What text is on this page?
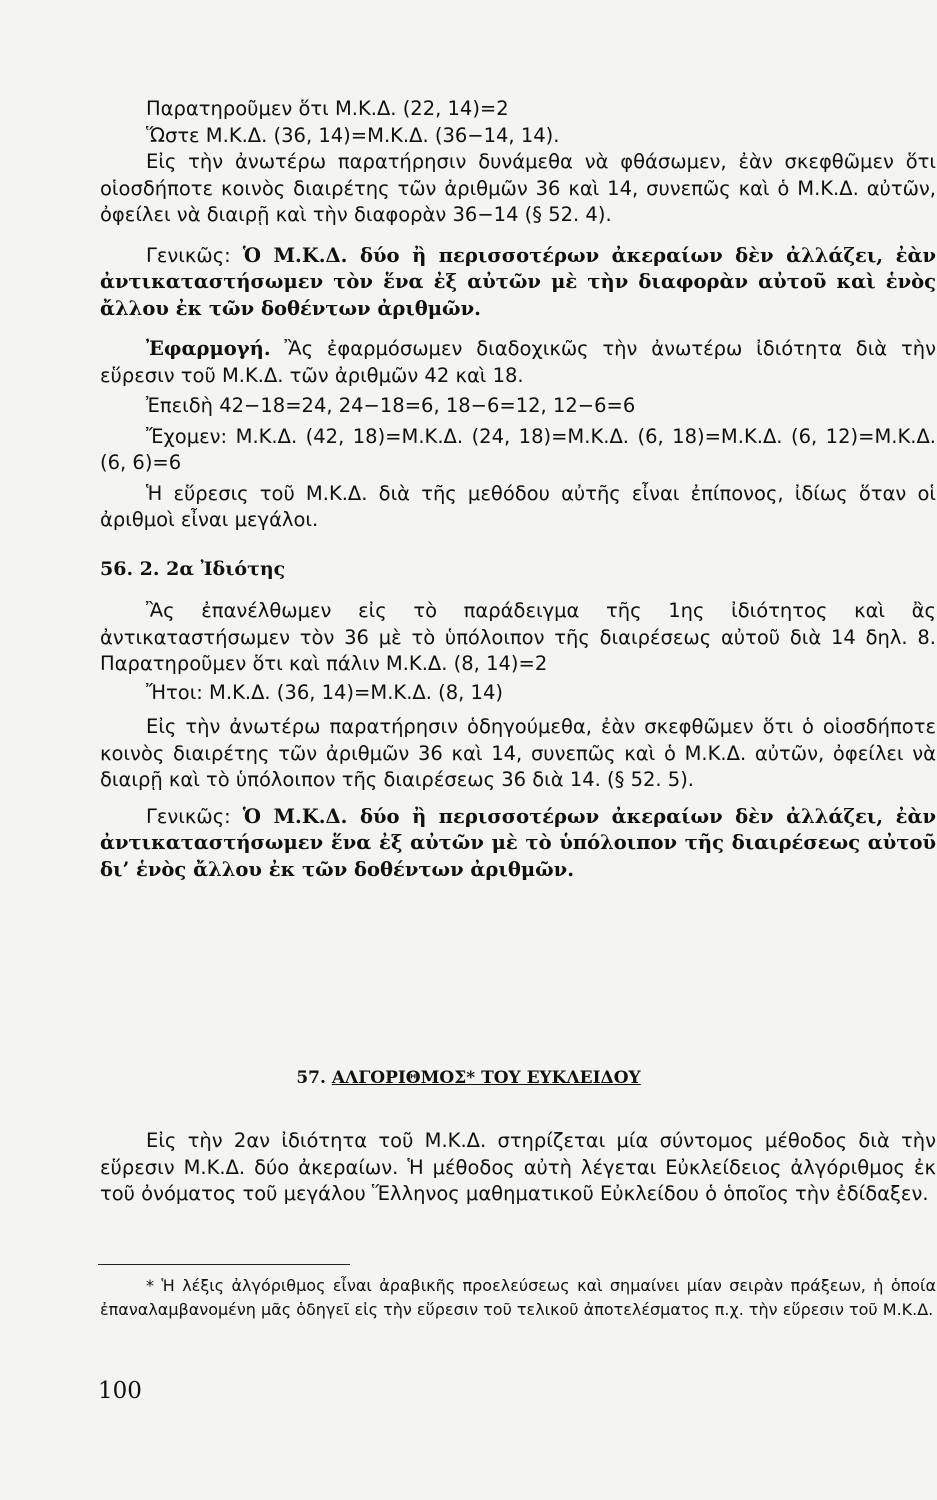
Παρατηροῦμεν ὅτι Μ.Κ.Δ. (22, 14)=2

Ὥστε Μ.Κ.Δ. (36, 14)=Μ.Κ.Δ. (36−14, 14).

Εἰς τὴν ἀνωτέρω παρατήρησιν δυνάμεθα νὰ φθάσωμεν, ἐὰν σκεφθῶμεν ὅτι οἱοσδήποτε κοινὸς διαιρέτης τῶν ἀριθμῶν 36 καὶ 14, συνεπῶς καὶ ὁ Μ.Κ.Δ. αὐτῶν, ὀφείλει νὰ διαιρῇ καὶ τὴν διαφορὰν 36−14 (§ 52. 4).

Γενικῶς: Ὁ Μ.Κ.Δ. δύο ἢ περισσοτέρων ἀκεραίων δὲν ἀλλάζει, ἐὰν ἀντικαταστήσωμεν τὸν ἕνα ἐξ αὐτῶν μὲ τὴν διαφορὰν αὐτοῦ καὶ ἑνὸς ἄλλου ἐκ τῶν δοθέντων ἀριθμῶν.

Ἐφαρμογή. Ἂς ἐφαρμόσωμεν διαδοχικῶς τὴν ἀνωτέρω ἰδιότητα διὰ τὴν εὕρεσιν τοῦ Μ.Κ.Δ. τῶν ἀριθμῶν 42 καὶ 18.

Ἐπειδὴ 42−18=24, 24−18=6, 18−6=12, 12−6=6

Ἔχομεν: Μ.Κ.Δ. (42, 18)=Μ.Κ.Δ. (24, 18)=Μ.Κ.Δ. (6, 18)=Μ.Κ.Δ. (6, 12)=Μ.Κ.Δ. (6, 6)=6

Ἡ εὕρεσις τοῦ Μ.Κ.Δ. διὰ τῆς μεθόδου αὐτῆς εἶναι ἐπίπονος, ἰδίως ὅταν οἱ ἀριθμοὶ εἶναι μεγάλοι.

56. 2. 2α Ἰδιότης

Ἂς ἐπανέλθωμεν εἰς τὸ παράδειγμα τῆς 1ης ἰδιότητος καὶ ἂς ἀντικαταστήσωμεν τὸν 36 μὲ τὸ ὑπόλοιπον τῆς διαιρέσεως αὐτοῦ διὰ 14 δηλ. 8. Παρατηροῦμεν ὅτι καὶ πάλιν Μ.Κ.Δ. (8, 14)=2

Ἤτοι: Μ.Κ.Δ. (36, 14)=Μ.Κ.Δ. (8, 14)

Εἰς τὴν ἀνωτέρω παρατήρησιν ὁδηγούμεθα, ἐὰν σκεφθῶμεν ὅτι ὁ οἱοσδήποτε κοινὸς διαιρέτης τῶν ἀριθμῶν 36 καὶ 14, συνεπῶς καὶ ὁ Μ.Κ.Δ. αὐτῶν, ὀφείλει νὰ διαιρῇ καὶ τὸ ὑπόλοιπον τῆς διαιρέσεως 36 διὰ 14. (§ 52. 5).

Γενικῶς: Ὁ Μ.Κ.Δ. δύο ἢ περισσοτέρων ἀκεραίων δὲν ἀλλάζει, ἐὰν ἀντικαταστήσωμεν ἕνα ἐξ αὐτῶν μὲ τὸ ὑπόλοιπον τῆς διαιρέσεως αὐτοῦ δι’ ἑνὸς ἄλλου ἐκ τῶν δοθέντων ἀριθμῶν.

57. ΑΛΓΟΡΙΘΜΟΣ* ΤΟΥ ΕΥΚΛΕΙΔΟΥ

Εἰς τὴν 2αν ἰδιότητα τοῦ Μ.Κ.Δ. στηρίζεται μία σύντομος μέθοδος διὰ τὴν εὕρεσιν Μ.Κ.Δ. δύο ἀκεραίων. Ἡ μέθοδος αὐτὴ λέγεται Εὐκλείδειος ἀλγόριθμος ἐκ τοῦ ὀνόματος τοῦ μεγάλου Ἕλληνος μαθηματικοῦ Εὐκλείδου ὁ ὁποῖος τὴν ἐδίδαξεν.

* Ἡ λέξις ἀλγόριθμος εἶναι ἀραβικῆς προελεύσεως καὶ σημαίνει μίαν σειρὰν πράξεων, ἡ ὁποία ἐπαναλαμβανομένη μᾶς ὁδηγεῖ εἰς τὴν εὕρεσιν τοῦ τελικοῦ ἀποτελέσματος π.χ. τὴν εὕρεσιν τοῦ Μ.Κ.Δ.

100
